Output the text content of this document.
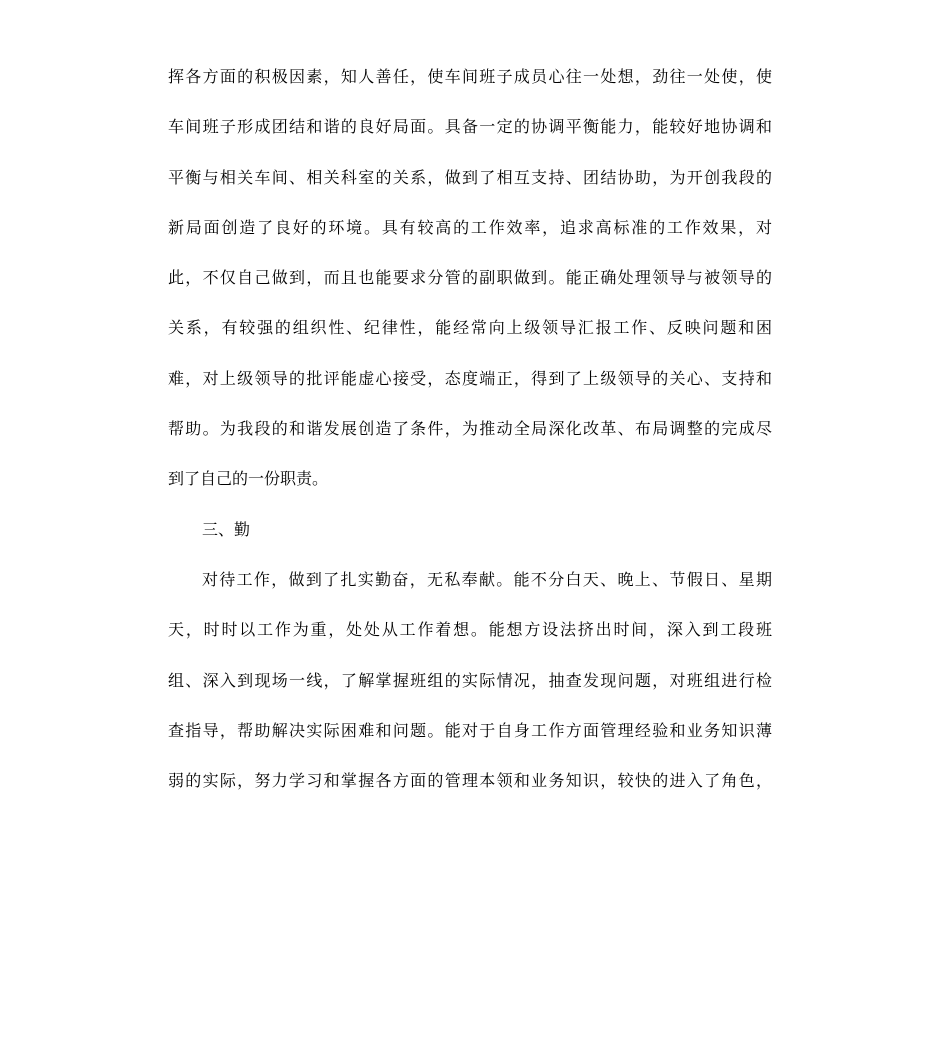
挥各方面的积极因素，知人善任，使车间班子成员心往一处想，劲往一处使，使
车间班子形成团结和谐的良好局面。具备一定的协调平衡能力，能较好地协调和
平衡与相关车间、相关科室的关系，做到了相互支持、团结协助，为开创我段的
新局面创造了良好的环境。具有较高的工作效率，追求高标准的工作效果，对
此，不仅自己做到，而且也能要求分管的副职做到。能正确处理领导与被领导的
关系，有较强的组织性、纪律性，能经常向上级领导汇报工作、反映问题和困
难，对上级领导的批评能虚心接受，态度端正，得到了上级领导的关心、支持和
帮助。为我段的和谐发展创造了条件，为推动全局深化改革、布局调整的完成尽
到了自己的一份职责。
三、勤
对待工作，做到了扎实勤奋，无私奉献。能不分白天、晚上、节假日、星期
天，时时以工作为重，处处从工作着想。能想方设法挤出时间，深入到工段班
组、深入到现场一线，了解掌握班组的实际情况，抽查发现问题，对班组进行检
查指导，帮助解决实际困难和问题。能对于自身工作方面管理经验和业务知识薄
弱的实际，努力学习和掌握各方面的管理本领和业务知识，较快的进入了角色，
